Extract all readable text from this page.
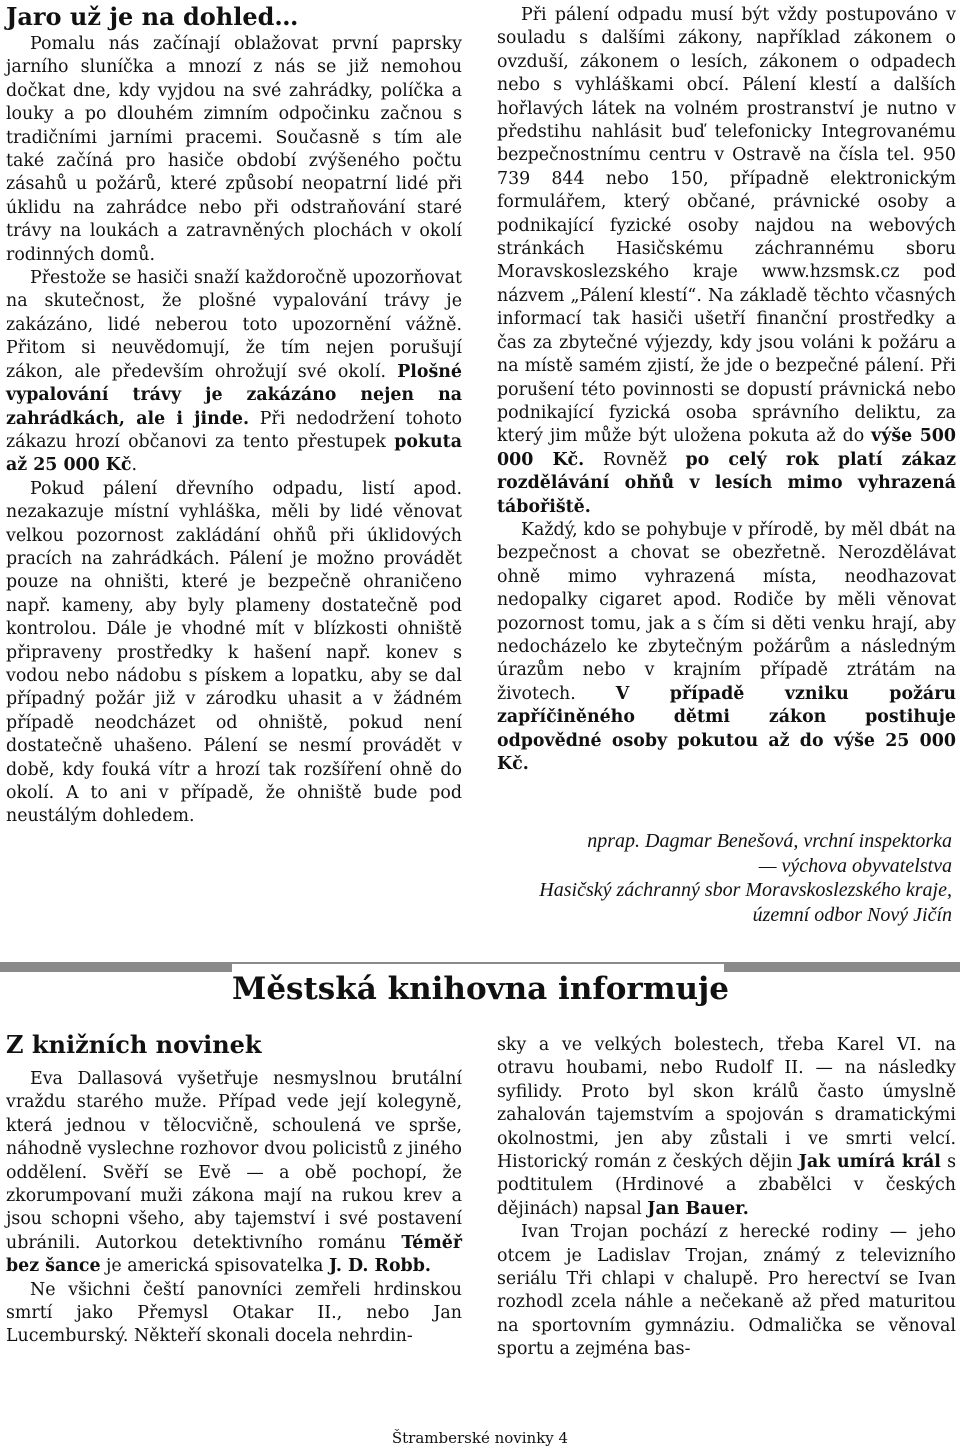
Jaro už je na dohled…

Pomalu nás začínají oblažovat první paprsky jarního sluníčka a mnozí z nás se již nemohou dočkat dne, kdy vyjdou na své zahrádky, políčka a louky a po dlouhém zimním odpočinku začnou s tradičními jarními pracemi. Současně s tím ale také začíná pro hasiče období zvýšeného počtu zásahů u požárů, které způsobí neopatrní lidé při úklidu na zahrádce nebo při odstraňování staré trávy na loukách a zatravněných plochách v okolí rodinných domů.

Přestože se hasiči snaží každoročně upozorňovat na skutečnost, že plošné vypalování trávy je zakázáno, lidé neberou toto upozornění vážně. Přitom si neuvědomují, že tím nejen porušují zákon, ale především ohrožují své okolí. Plošné vypalování trávy je zakázáno nejen na zahrádkách, ale i jinde. Při nedodržení tohoto zákazu hrozí občanovi za tento přestupek pokuta až 25 000 Kč.

Pokud pálení dřevního odpadu, listí apod. nezakazuje místní vyhláška, měli by lidé věnovat velkou pozornost zakládání ohňů při úklidových pracích na zahrádkách. Pálení je možno provádět pouze na ohništi, které je bezpečně ohraničeno např. kameny, aby byly plameny dostatečně pod kontrolou. Dále je vhodné mít v blízkosti ohniště připraveny prostředky k hašení např. konev s vodou nebo nádobu s pískem a lopatku, aby se dal případný požár již v zárodku uhasit a v žádném případě neodcházet od ohniště, pokud není dostatečně uhašeno. Pálení se nesmí provádět v době, kdy fouká vítr a hrozí tak rozšíření ohně do okolí. A to ani v případě, že ohniště bude pod neustálým dohledem.

Při pálení odpadu musí být vždy postupováno v souladu s dalšími zákony, například zákonem o ovzduší, zákonem o lesích, zákonem o odpadech nebo s vyhláškami obcí. Pálení klestí a dalších hořlavých látek na volném prostranství je nutno v předstihu nahlásit buď telefonicky Integrovanému bezpečnostnímu centru v Ostravě na čísla tel. 950 739 844 nebo 150, případně elektronickým formulářem, který občané, právnické osoby a podnikající fyzické osoby najdou na webových stránkách Hasičskému záchrannému sboru Moravskoslezského kraje www.hzsmsk.cz pod názvem „Pálení klestí“. Na základě těchto včasných informací tak hasiči ušetří finanční prostředky a čas za zbytečné výjezdy, kdy jsou voláni k požáru a na místě samém zjistí, že jde o bezpečné pálení. Při porušení této povinnosti se dopustí právnická nebo podnikající fyzická osoba správního deliktu, za který jim může být uložena pokuta až do výše 500 000 Kč. Rovněž po celý rok platí zákaz rozdělávání ohňů v lesích mimo vyhrazená tábořiště.

Každý, kdo se pohybuje v přírodě, by měl dbát na bezpečnost a chovat se obezřetně. Nerozdělávat ohně mimo vyhrazená místa, neodhazovat nedopalky cigaret apod. Rodiče by měli věnovat pozornost tomu, jak a s čím si děti venku hrají, aby nedocházelo ke zbytečným požárům a následným úrazům nebo v krajním případě ztrátám na životech. V případě vzniku požáru zapříčiněného dětmi zákon postihuje odpovědné osoby pokutou až do výše 25 000 Kč.

nprap. Dagmar Benešová, vrchní inspektorka
— výchova obyvatelstva
Hasičský záchranný sbor Moravskoslezského kraje,
územní odbor Nový Jičín
Městská knihovna informuje
Z knižních novinek

Eva Dallasová vyšetřuje nesmyslnou brutální vraždu starého muže. Případ vede její kolegyně, která jednou v tělocvičně, schoulená ve sprše, náhodně vyslechne rozhovor dvou policistů z jiného oddělení. Svěří se Evě — a obě pochopí, že zkorumpovaní muži zákona mají na rukou krev a jsou schopni všeho, aby tajemství i své postavení ubránili. Autorkou detektivního románu Téměř bez šance je americká spisovatelka J. D. Robb.

Ne všichni čeští panovníci zemřeli hrdinskou smrtí jako Přemysl Otakar II., nebo Jan Lucemburský. Někteří skonali docela nehrdin-

sky a ve velkých bolestech, třeba Karel VI. na otravu houbami, nebo Rudolf II. — na následky syfilidy. Proto byl skon králů často úmyslně zahalován tajemstvím a spojován s dramatickými okolnostmi, jen aby zůstali i ve smrti velcí. Historický román z českých dějin Jak umírá král s podtitulem (Hrdinové a zbabělci v českých dějinách) napsal Jan Bauer.

Ivan Trojan pochází z herecké rodiny — jeho otcem je Ladislav Trojan, známý z televizního seriálu Tři chlapi v chalupě. Pro herectví se Ivan rozhodl zcela náhle a nečekaně až před maturitou na sportovním gymnáziu. Odmalička se věnoval sportu a zejména bas-

Štramberské novinky 4
